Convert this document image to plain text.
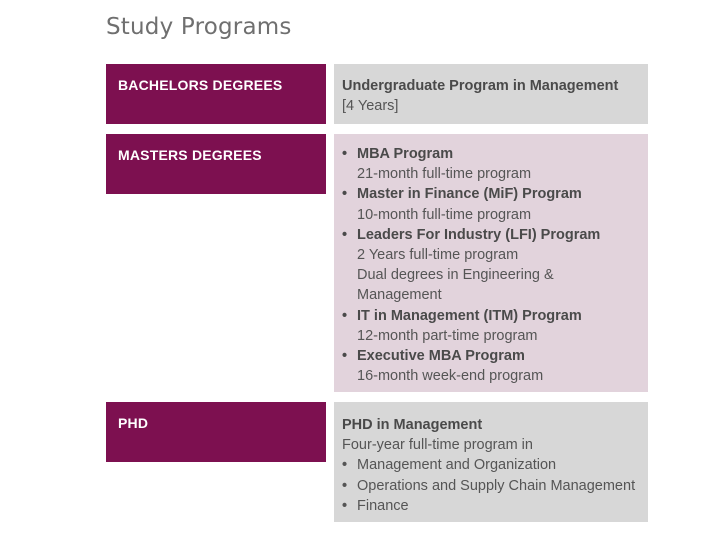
Study Programs
BACHELORS DEGREES	Undergraduate Program in Management
[4 Years]
MASTERS DEGREES	• MBA Program
21-month full-time program
• Master in Finance (MiF) Program
10-month full-time program
• Leaders For Industry (LFI) Program
2 Years full-time program
Dual degrees in Engineering &
Management
• IT in Management (ITM) Program
12-month part-time program
• Executive MBA Program
16-month week-end program
PHD	PHD in Management
Four-year full-time program in
• Management and Organization
• Operations and Supply Chain Management
• Finance
